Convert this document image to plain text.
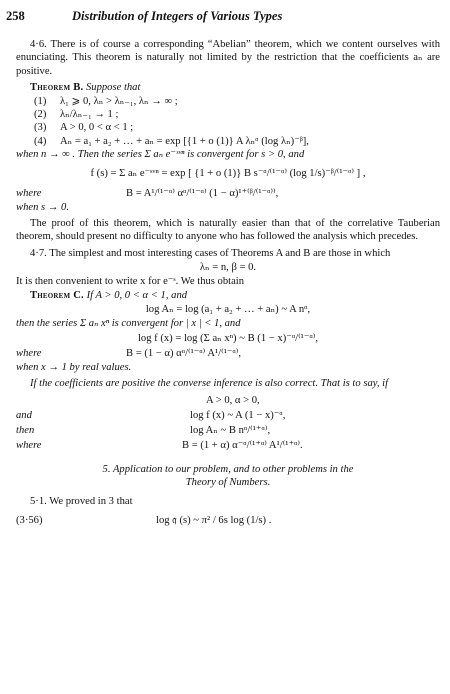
258	Distribution of Integers of Various Types

4·6. There is of course a corresponding “Abelian” theorem, which we content ourselves with enunciating. This theorem is naturally not limited by the restriction that the coefficients aₙ are positive.

Theorem B. Suppose that
(1)	λ₁ ⩾ 0, λₙ > λₙ₋₁, λₙ → ∞ ;
(2)	λₙ/λₙ₋₁ → 1 ;
(3)	A > 0, 0 < α < 1 ;
(4)	Aₙ = a₁ + a₂ + … + aₙ = exp [{1 + o (1)} A λₙᵅ (log λₙ)⁻ᵝ],

when n → ∞ . Then the series Σ aₙ e⁻ˢᵛⁿ is convergent for s > 0, and

f (s) = Σ aₙ e⁻ˢᵛⁿ = exp [ {1 + o (1)} B s⁻ᵅ/⁽¹⁻ᵅ⁾ (log 1/s)⁻ᵝ/⁽¹⁻ᵅ⁾ ] ,
where	B = A¹/⁽¹⁻ᵅ⁾ αᵅ/⁽¹⁻ᵅ⁾ (1 − α)¹⁺⁽ᵝ/⁽¹⁻ᵅ⁾⁾,

when s → 0.

The proof of this theorem, which is naturally easier than that of the correlative Tauberian theorem, should present no difficulty to anyone who has followed the analysis which precedes.

4·7. The simplest and most interesting cases of Theorems A and B are those in which

λₙ = n, β = 0.

It is then convenient to write x for e⁻ˢ. We thus obtain

Theorem C. If A > 0, 0 < α < 1, and
log Aₙ = log (a₁ + a₂ + … + aₙ) ~ A nᵅ,

then the series Σ aₙ xⁿ is convergent for | x | < 1, and

log f (x) = log (Σ aₙ xⁿ) ~ B (1 − x)⁻ᵅ/⁽¹⁻ᵅ⁾,
where	B = (1 − α) αᵅ/⁽¹⁻ᵅ⁾ A¹/⁽¹⁻ᵅ⁾,

when x → 1 by real values.

If the coefficients are positive the converse inference is also correct. That is to say, if

A > 0, α > 0,
and	log f (x) ~ A (1 − x)⁻ᵅ,
then	log Aₙ ~ B nᵅ/⁽¹⁺ᵅ⁾,
where	B = (1 + α) α⁻ᵅ/⁽¹⁺ᵅ⁾ A¹/⁽¹⁺ᵅ⁾.

5. Application to our problem, and to other problems in the

Theory of Numbers.

5·1. We proved in 3 that

(3·56)	log 𝔮 (s) ~ π² / 6s log (1/s) .
